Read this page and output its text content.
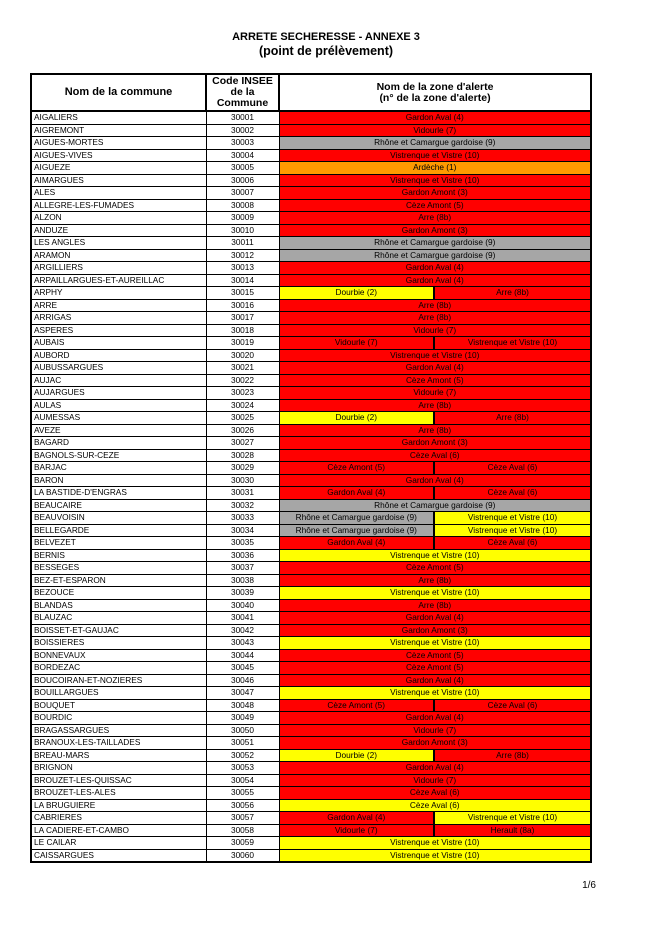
ARRETE SECHERESSE - ANNEXE 3
(point de prélèvement)
Nom de la commune	Code INSEE de la Commune	Nom de la zone d'alerte
(n° de la zone d'alerte)	
AIGALIERS	30001	Gardon Aval (4)	
AIGREMONT	30002	Vidourle (7)	
AIGUES-MORTES	30003	Rhône et Camargue gardoise (9)	
AIGUES-VIVES	30004	Vistrenque et Vistre (10)	
AIGUEZE	30005	Ardèche (1)	
AIMARGUES	30006	Vistrenque et Vistre (10)	
ALES	30007	Gardon Amont (3)	
ALLEGRE-LES-FUMADES	30008	Cèze Amont (5)	
ALZON	30009	Arre (8b)	
ANDUZE	30010	Gardon Amont (3)	
LES ANGLES	30011	Rhône et Camargue gardoise (9)	
ARAMON	30012	Rhône et Camargue gardoise (9)	
ARGILLIERS	30013	Gardon Aval (4)	
ARPAILLARGUES-ET-AUREILLAC	30014	Gardon Aval (4)	
ARPHY	30015	Dourbie (2)	Arre (8b)
ARRE	30016	Arre (8b)	
ARRIGAS	30017	Arre (8b)	
ASPERES	30018	Vidourle (7)	
AUBAIS	30019	Vidourle (7)	Vistrenque et Vistre (10)
AUBORD	30020	Vistrenque et Vistre (10)	
AUBUSSARGUES	30021	Gardon Aval (4)	
AUJAC	30022	Cèze Amont (5)	
AUJARGUES	30023	Vidourle (7)	
AULAS	30024	Arre (8b)	
AUMESSAS	30025	Dourbie (2)	Arre (8b)
AVEZE	30026	Arre (8b)	
BAGARD	30027	Gardon Amont (3)	
BAGNOLS-SUR-CEZE	30028	Cèze Aval (6)	
BARJAC	30029	Cèze Amont (5)	Cèze Aval (6)
BARON	30030	Gardon Aval (4)	
LA BASTIDE-D'ENGRAS	30031	Gardon Aval (4)	Cèze Aval (6)
BEAUCAIRE	30032	Rhône et Camargue gardoise (9)	
BEAUVOISIN	30033	Rhône et Camargue gardoise (9)	Vistrenque et Vistre (10)
BELLEGARDE	30034	Rhône et Camargue gardoise (9)	Vistrenque et Vistre (10)
BELVEZET	30035	Gardon Aval (4)	Cèze Aval (6)
BERNIS	30036	Vistrenque et Vistre (10)	
BESSEGES	30037	Cèze Amont (5)	
BEZ-ET-ESPARON	30038	Arre (8b)	
BEZOUCE	30039	Vistrenque et Vistre (10)	
BLANDAS	30040	Arre (8b)	
BLAUZAC	30041	Gardon Aval (4)	
BOISSET-ET-GAUJAC	30042	Gardon Amont (3)	
BOISSIERES	30043	Vistrenque et Vistre (10)	
BONNEVAUX	30044	Cèze Amont (5)	
BORDEZAC	30045	Cèze Amont (5)	
BOUCOIRAN-ET-NOZIERES	30046	Gardon Aval (4)	
BOUILLARGUES	30047	Vistrenque et Vistre (10)	
BOUQUET	30048	Cèze Amont (5)	Cèze Aval (6)
BOURDIC	30049	Gardon Aval (4)	
BRAGASSARGUES	30050	Vidourle (7)	
BRANOUX-LES-TAILLADES	30051	Gardon Amont (3)	
BREAU-MARS	30052	Dourbie (2)	Arre (8b)
BRIGNON	30053	Gardon Aval (4)	
BROUZET-LES-QUISSAC	30054	Vidourle (7)	
BROUZET-LES-ALES	30055	Cèze Aval (6)	
LA BRUGUIERE	30056	Cèze Aval (6)	
CABRIERES	30057	Gardon Aval (4)	Vistrenque et Vistre (10)
LA CADIERE-ET-CAMBO	30058	Vidourle (7)	Herault (8a)
LE CAILAR	30059	Vistrenque et Vistre (10)	
CAISSARGUES	30060	Vistrenque et Vistre (10)	
1/6
